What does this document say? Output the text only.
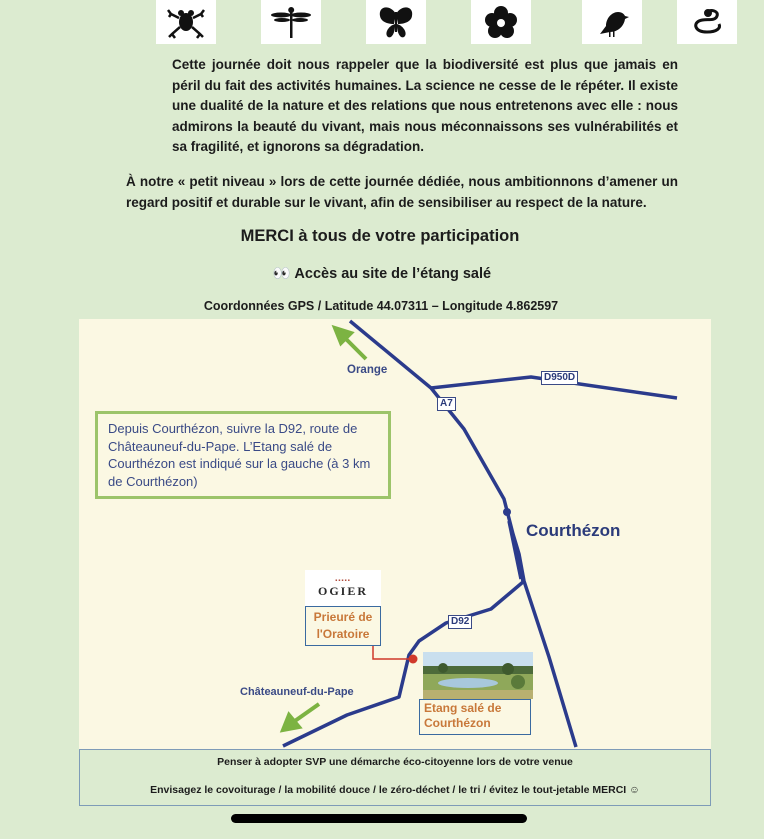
Cette journée doit nous rappeler que la biodiversité est plus que jamais en péril du fait des activités humaines. La science ne cesse de le répéter. Il existe une dualité de la nature et des relations que nous entretenons avec elle : nous admirons la beauté du vivant, mais nous méconnaissons ses vulnérabilités et sa fragilité, et ignorons sa dégradation.

À notre « petit niveau » lors de cette journée dédiée, nous ambitionnons d’amener un regard positif et durable sur le vivant, afin de sensibiliser au respect de la nature.

MERCI à tous de votre participation
👀 Accès au site de l’étang salé
Coordonnées GPS / Latitude 44.07311 – Longitude 4.862597
Orange
D950D
A7
D92
Depuis Courthézon, suivre la D92, route de Châteauneuf-du-Pape. L’Etang salé de Courthézon est indiqué sur la gauche (à 3 km de Courthézon)
Courthézon
▪▪▪▪▪
OGIER
Prieuré de l'Oratoire
Châteauneuf-du-Pape
Etang salé de Courthézon
Penser à adopter SVP une démarche éco-citoyenne lors de votre venue
Envisagez le covoiturage / la mobilité douce / le zéro-déchet / le tri / évitez le tout-jetable MERCI ☺
